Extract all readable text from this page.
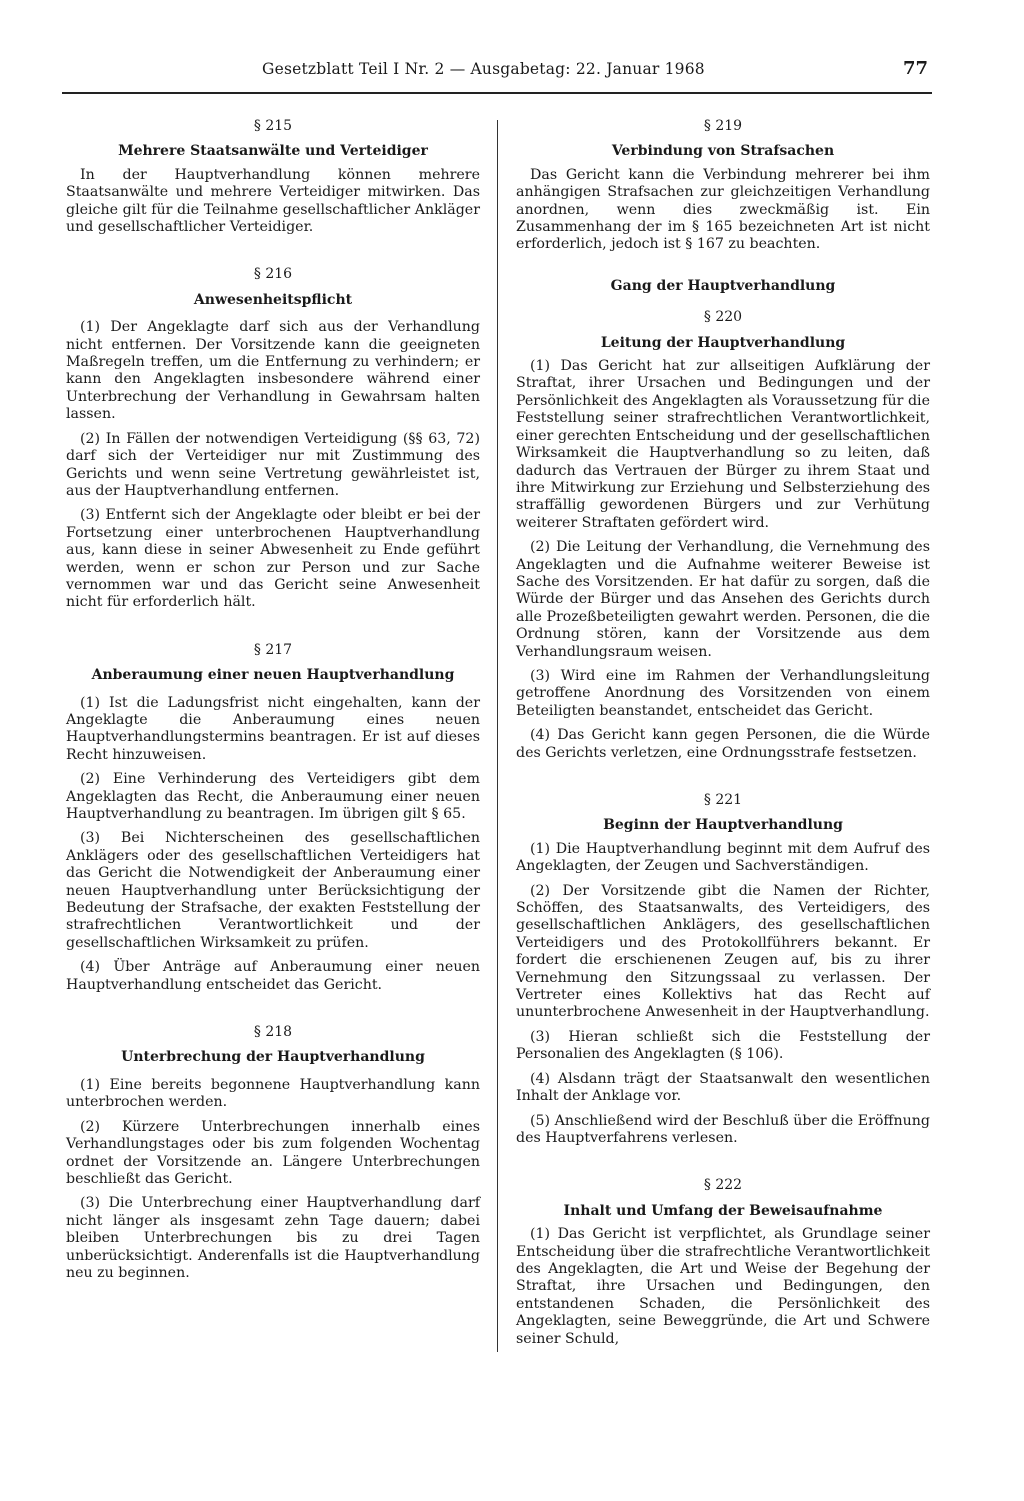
Gesetzblatt Teil I Nr. 2 — Ausgabetag: 22. Januar 1968	77
§ 215
Mehrere Staatsanwälte und Verteidiger

In der Hauptverhandlung können mehrere Staatsanwälte und mehrere Verteidiger mitwirken. Das gleiche gilt für die Teilnahme gesellschaftlicher Ankläger und gesellschaftlicher Verteidiger.

§ 216
Anwesenheitspflicht

(1) Der Angeklagte darf sich aus der Verhandlung nicht entfernen. Der Vorsitzende kann die geeigneten Maßregeln treffen, um die Entfernung zu verhindern; er kann den Angeklagten insbesondere während einer Unterbrechung der Verhandlung in Gewahrsam halten lassen.

(2) In Fällen der notwendigen Verteidigung (§§ 63, 72) darf sich der Verteidiger nur mit Zustimmung des Gerichts und wenn seine Vertretung gewährleistet ist, aus der Hauptverhandlung entfernen.

(3) Entfernt sich der Angeklagte oder bleibt er bei der Fortsetzung einer unterbrochenen Hauptverhandlung aus, kann diese in seiner Abwesenheit zu Ende geführt werden, wenn er schon zur Person und zur Sache vernommen war und das Gericht seine Anwesenheit nicht für erforderlich hält.

§ 217
Anberaumung einer neuen Hauptverhandlung

(1) Ist die Ladungsfrist nicht eingehalten, kann der Angeklagte die Anberaumung eines neuen Hauptverhandlungstermins beantragen. Er ist auf dieses Recht hinzuweisen.

(2) Eine Verhinderung des Verteidigers gibt dem Angeklagten das Recht, die Anberaumung einer neuen Hauptverhandlung zu beantragen. Im übrigen gilt § 65.

(3) Bei Nichterscheinen des gesellschaftlichen Anklägers oder des gesellschaftlichen Verteidigers hat das Gericht die Notwendigkeit der Anberaumung einer neuen Hauptverhandlung unter Berücksichtigung der Bedeutung der Strafsache, der exakten Feststellung der strafrechtlichen Verantwortlichkeit und der gesellschaftlichen Wirksamkeit zu prüfen.

(4) Über Anträge auf Anberaumung einer neuen Hauptverhandlung entscheidet das Gericht.

§ 218
Unterbrechung der Hauptverhandlung

(1) Eine bereits begonnene Hauptverhandlung kann unterbrochen werden.

(2) Kürzere Unterbrechungen innerhalb eines Verhandlungstages oder bis zum folgenden Wochentag ordnet der Vorsitzende an. Längere Unterbrechungen beschließt das Gericht.

(3) Die Unterbrechung einer Hauptverhandlung darf nicht länger als insgesamt zehn Tage dauern; dabei bleiben Unterbrechungen bis zu drei Tagen unberücksichtigt. Anderenfalls ist die Hauptverhandlung neu zu beginnen.

§ 219
Verbindung von Strafsachen

Das Gericht kann die Verbindung mehrerer bei ihm anhängigen Strafsachen zur gleichzeitigen Verhandlung anordnen, wenn dies zweckmäßig ist. Ein Zusammenhang der im § 165 bezeichneten Art ist nicht erforderlich, jedoch ist § 167 zu beachten.

Gang der Hauptverhandlung
§ 220
Leitung der Hauptverhandlung

(1) Das Gericht hat zur allseitigen Aufklärung der Straftat, ihrer Ursachen und Bedingungen und der Persönlichkeit des Angeklagten als Voraussetzung für die Feststellung seiner strafrechtlichen Verantwortlichkeit, einer gerechten Entscheidung und der gesellschaftlichen Wirksamkeit die Hauptverhandlung so zu leiten, daß dadurch das Vertrauen der Bürger zu ihrem Staat und ihre Mitwirkung zur Erziehung und Selbsterziehung des straffällig gewordenen Bürgers und zur Verhütung weiterer Straftaten gefördert wird.

(2) Die Leitung der Verhandlung, die Vernehmung des Angeklagten und die Aufnahme weiterer Beweise ist Sache des Vorsitzenden. Er hat dafür zu sorgen, daß die Würde der Bürger und das Ansehen des Gerichts durch alle Prozeßbeteiligten gewahrt werden. Personen, die die Ordnung stören, kann der Vorsitzende aus dem Verhandlungsraum weisen.

(3) Wird eine im Rahmen der Verhandlungsleitung getroffene Anordnung des Vorsitzenden von einem Beteiligten beanstandet, entscheidet das Gericht.

(4) Das Gericht kann gegen Personen, die die Würde des Gerichts verletzen, eine Ordnungsstrafe festsetzen.

§ 221
Beginn der Hauptverhandlung

(1) Die Hauptverhandlung beginnt mit dem Aufruf des Angeklagten, der Zeugen und Sachverständigen.

(2) Der Vorsitzende gibt die Namen der Richter, Schöffen, des Staatsanwalts, des Verteidigers, des gesellschaftlichen Anklägers, des gesellschaftlichen Verteidigers und des Protokollführers bekannt. Er fordert die erschienenen Zeugen auf, bis zu ihrer Vernehmung den Sitzungssaal zu verlassen. Der Vertreter eines Kollektivs hat das Recht auf ununterbrochene Anwesenheit in der Hauptverhandlung.

(3) Hieran schließt sich die Feststellung der Personalien des Angeklagten (§ 106).

(4) Alsdann trägt der Staatsanwalt den wesentlichen Inhalt der Anklage vor.

(5) Anschließend wird der Beschluß über die Eröffnung des Hauptverfahrens verlesen.

§ 222
Inhalt und Umfang der Beweisaufnahme

(1) Das Gericht ist verpflichtet, als Grundlage seiner Entscheidung über die strafrechtliche Verantwortlichkeit des Angeklagten, die Art und Weise der Begehung der Straftat, ihre Ursachen und Bedingungen, den entstandenen Schaden, die Persönlichkeit des Angeklagten, seine Beweggründe, die Art und Schwere seiner Schuld,
